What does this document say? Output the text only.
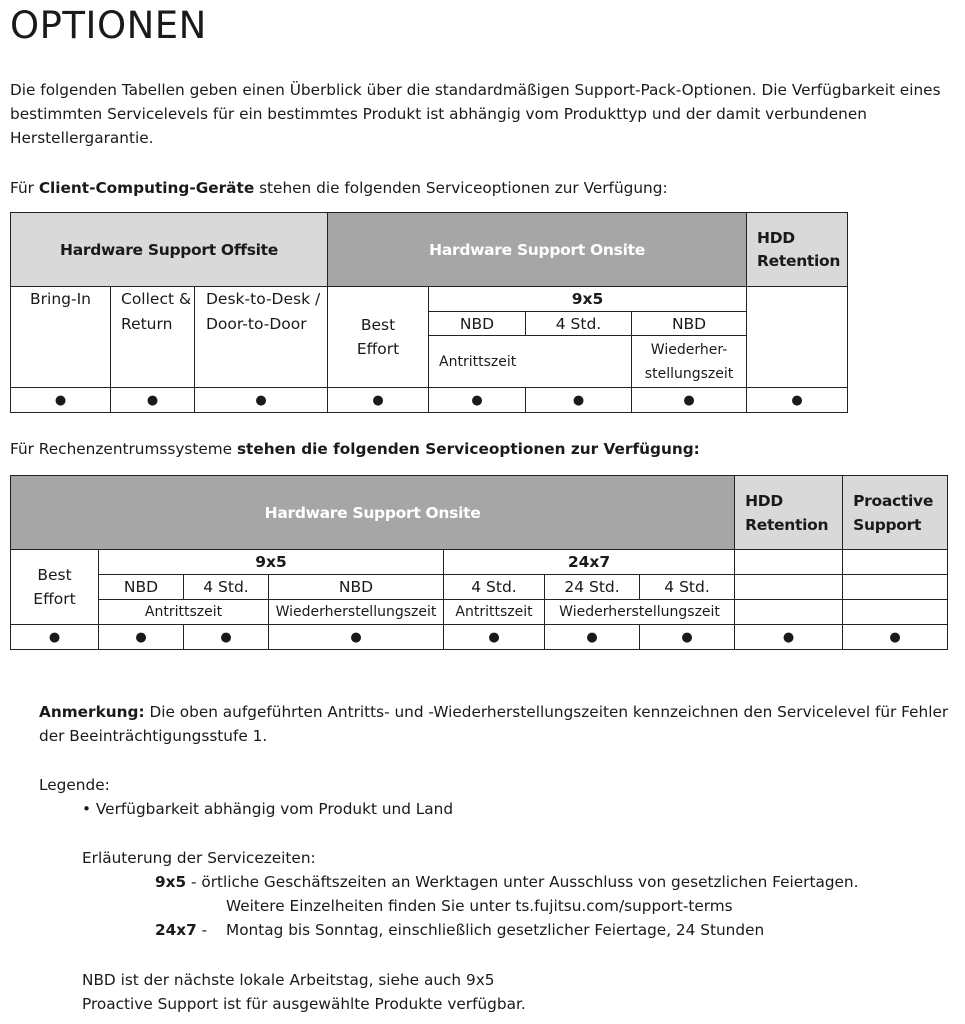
OPTIONEN
Die folgenden Tabellen geben einen Überblick über die standardmäßigen Support-Pack-Optionen. Die Verfügbarkeit eines bestimmten Servicelevels für ein bestimmtes Produkt ist abhängig vom Produkttyp und der damit verbundenen Herstellergarantie.
Für Client-Computing-Geräte stehen die folgenden Serviceoptionen zur Verfügung:
Hardware Support Offsite			Hardware Support Onsite				HDD Retention
Bring-In	Collect & Return	Desk-to-Desk / Door-to-Door	Best Effort	9x5			
				NBD	4 Std.	NBD	
				Antrittszeit		Wiederher-stellungszeit	
●	●	●	●	●	●	●	●
Für Rechenzentrumssysteme stehen die folgenden Serviceoptionen zur Verfügung:
Hardware Support Onsite							HDD Retention	Proactive Support
Best Effort	9x5			24x7				
	NBD	4 Std.	NBD	4 Std.	24 Std.	4 Std.		
	Antrittszeit		Wiederherstellungszeit	Antrittszeit	Wiederherstellungszeit			
●	●	●	●	●	●	●	●	●
Anmerkung: Die oben aufgeführten Antritts- und -Wiederherstellungszeiten kennzeichnen den Servicelevel für Fehler der Beeinträchtigungsstufe 1.
Legende:
• Verfügbarkeit abhängig vom Produkt und Land
Erläuterung der Servicezeiten:
9x5 - örtliche Geschäftszeiten an Werktagen unter Ausschluss von gesetzlichen Feiertagen.
Weitere Einzelheiten finden Sie unter ts.fujitsu.com/support-terms
24x7 - Montag bis Sonntag, einschließlich gesetzlicher Feiertage, 24 Stunden
NBD ist der nächste lokale Arbeitstag, siehe auch 9x5
Proactive Support ist für ausgewählte Produkte verfügbar.
